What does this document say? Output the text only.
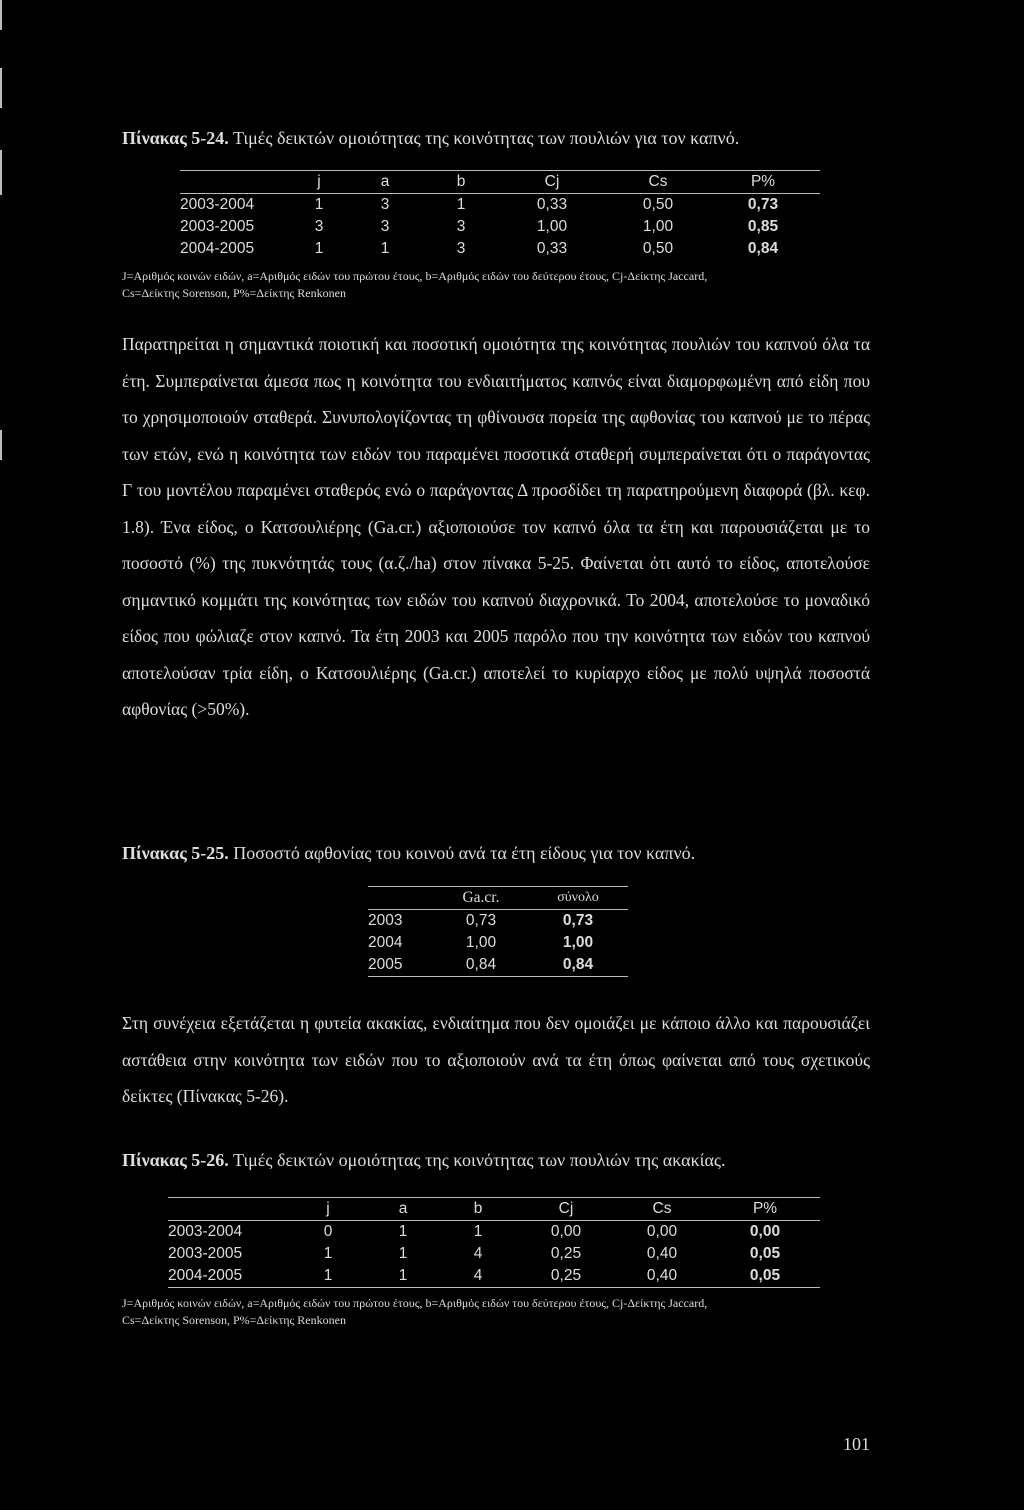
Πίνακας 5-24. Τιμές δεικτών ομοιότητας της κοινότητας των πουλιών για τον καπνό.
	j	a	b	Cj	Cs	P%
2003-2004	1	3	1	0,33	0,50	0,73
2003-2005	3	3	3	1,00	1,00	0,85
2004-2005	1	1	3	0,33	0,50	0,84
J=Αριθμός κοινών ειδών, a=Αριθμός ειδών του πρώτου έτους, b=Αριθμός ειδών του δεύτερου έτους, Cj-Δείκτης Jaccard,
Cs=Δείκτης Sorenson, P%=Δείκτης Renkonen

Παρατηρείται η σημαντικά ποιοτική και ποσοτική ομοιότητα της κοινότητας πουλιών του καπνού όλα τα έτη. Συμπεραίνεται άμεσα πως η κοινότητα του ενδιαιτήματος καπνός είναι διαμορφωμένη από είδη που το χρησιμοποιούν σταθερά. Συνυπολογίζοντας τη φθίνουσα πορεία της αφθονίας του καπνού με το πέρας των ετών, ενώ η κοινότητα των ειδών του παραμένει ποσοτικά σταθερή συμπεραίνεται ότι ο παράγοντας Γ του μοντέλου παραμένει σταθερός ενώ ο παράγοντας Δ προσδίδει τη παρατηρούμενη διαφορά (βλ. κεφ. 1.8). Ένα είδος, ο Κατσουλιέρης (Ga.cr.) αξιοποιούσε τον καπνό όλα τα έτη και παρουσιάζεται με το ποσοστό (%) της πυκνότητάς τους (α.ζ./ha) στον πίνακα 5-25. Φαίνεται ότι αυτό το είδος, αποτελούσε σημαντικό κομμάτι της κοινότητας των ειδών του καπνού διαχρονικά. Το 2004, αποτελούσε το μοναδικό είδος που φώλιαζε στον καπνό. Τα έτη 2003 και 2005 παρόλο που την κοινότητα των ειδών του καπνού αποτελούσαν τρία είδη, ο Κατσουλιέρης (Ga.cr.) αποτελεί το κυρίαρχο είδος με πολύ υψηλά ποσοστά αφθονίας (>50%).

Πίνακας 5-25. Ποσοστό αφθονίας του κοινού ανά τα έτη είδους για τον καπνό.
	Ga.cr.	σύνολο
2003	0,73	0,73
2004	1,00	1,00
2005	0,84	0,84

Στη συνέχεια εξετάζεται η φυτεία ακακίας, ενδιαίτημα που δεν ομοιάζει με κάποιο άλλο και παρουσιάζει αστάθεια στην κοινότητα των ειδών που το αξιοποιούν ανά τα έτη όπως φαίνεται από τους σχετικούς δείκτες (Πίνακας 5-26).

Πίνακας 5-26. Τιμές δεικτών ομοιότητας της κοινότητας των πουλιών της ακακίας.
	j	a	b	Cj	Cs	P%
2003-2004	0	1	1	0,00	0,00	0,00
2003-2005	1	1	4	0,25	0,40	0,05
2004-2005	1	1	4	0,25	0,40	0,05
J=Αριθμός κοινών ειδών, a=Αριθμός ειδών του πρώτου έτους, b=Αριθμός ειδών του δεύτερου έτους, Cj-Δείκτης Jaccard,
Cs=Δείκτης Sorenson, P%=Δείκτης Renkonen
101
